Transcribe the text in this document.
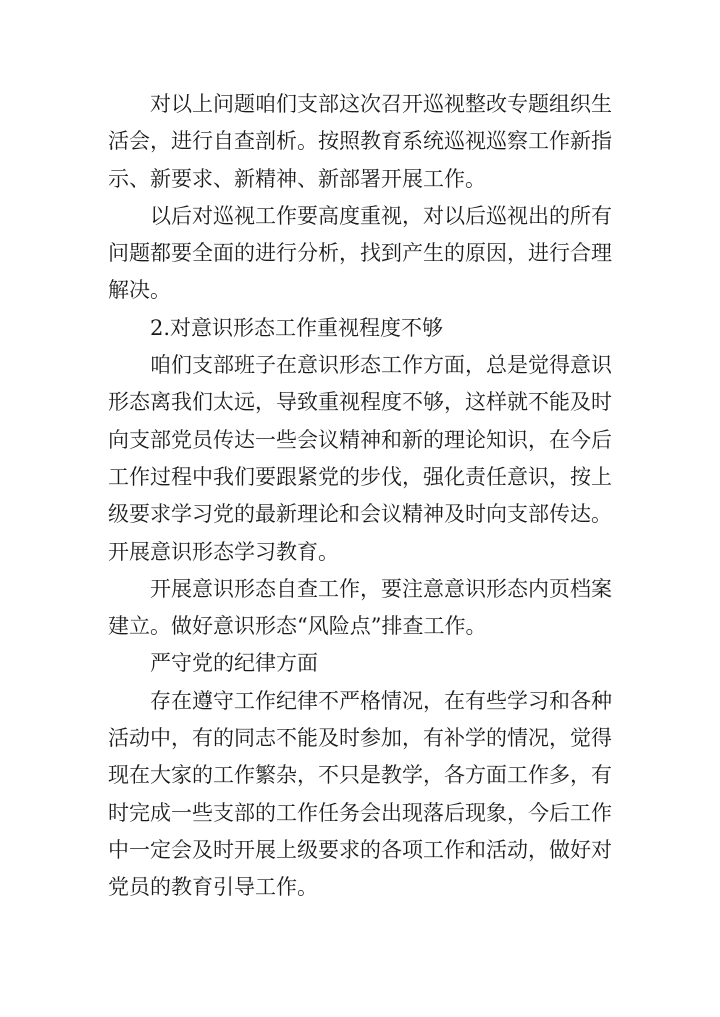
对以上问题咱们支部这次召开巡视整改专题组织生活会，进行自查剖析。按照教育系统巡视巡察工作新指示、新要求、新精神、新部署开展工作。

以后对巡视工作要高度重视，对以后巡视出的所有问题都要全面的进行分析，找到产生的原因，进行合理解决。

2.对意识形态工作重视程度不够

咱们支部班子在意识形态工作方面，总是觉得意识形态离我们太远，导致重视程度不够，这样就不能及时向支部党员传达一些会议精神和新的理论知识，在今后工作过程中我们要跟紧党的步伐，强化责任意识，按上级要求学习党的最新理论和会议精神及时向支部传达。开展意识形态学习教育。

开展意识形态自查工作，要注意意识形态内页档案建立。做好意识形态“风险点”排查工作。

严守党的纪律方面

存在遵守工作纪律不严格情况，在有些学习和各种活动中，有的同志不能及时参加，有补学的情况，觉得现在大家的工作繁杂，不只是教学，各方面工作多，有时完成一些支部的工作任务会出现落后现象，今后工作中一定会及时开展上级要求的各项工作和活动，做好对党员的教育引导工作。
